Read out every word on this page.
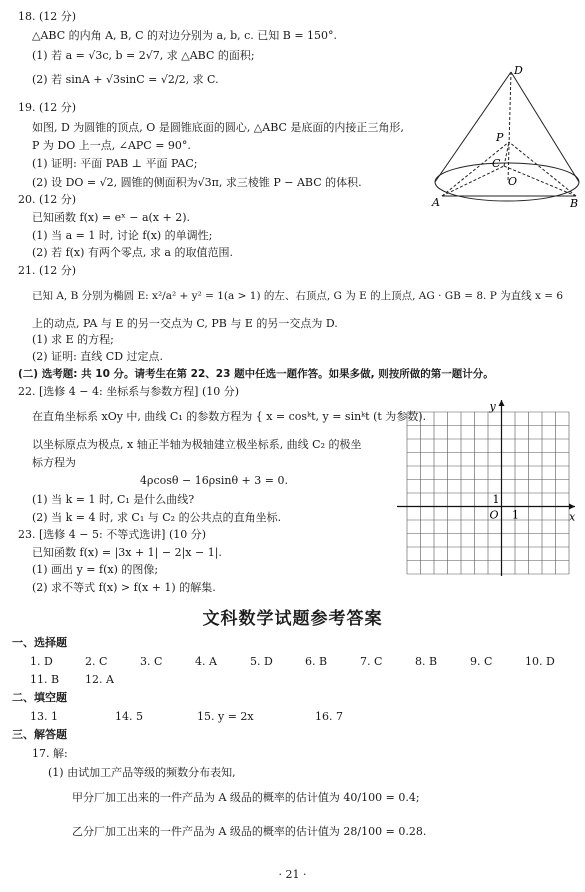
18. (12 分)
△ABC 的内角 A, B, C 的对边分别为 a, b, c. 已知 B = 150°.
(1) 若 a = √3c, b = 2√7, 求 △ABC 的面积;
(2) 若 sinA + √3sinC = √2/2, 求 C.
19. (12 分)
如图, D 为圆锥的顶点, O 是圆锥底面的圆心, △ABC 是底面的内接正三角形,
P 为 DO 上一点, ∠APC = 90°.
(1) 证明: 平面 PAB ⊥ 平面 PAC;
(2) 设 DO = √2, 圆锥的侧面积为√3π, 求三棱锥 P − ABC 的体积.
D
P
C
O
A	B
20. (12 分)
已知函数 f(x) = eˣ − a(x + 2).
(1) 当 a = 1 时, 讨论 f(x) 的单调性;
(2) 若 f(x) 有两个零点, 求 a 的取值范围.
21. (12 分)
已知 A, B 分别为椭圆 E: x²/a² + y² = 1(a > 1) 的左、右顶点, G 为 E 的上顶点, AG · GB = 8. P 为直线 x = 6
上的动点, PA 与 E 的另一交点为 C, PB 与 E 的另一交点为 D.
(1) 求 E 的方程;
(2) 证明: 直线 CD 过定点.
(二) 选考题: 共 10 分。请考生在第 22、23 题中任选一题作答。如果多做, 则按所做的第一题计分。
22. [选修 4 − 4: 坐标系与参数方程] (10 分)
在直角坐标系 xOy 中, 曲线 C₁ 的参数方程为 { x = cosᵏt, y = sinᵏt (t 为参数).
以坐标原点为极点, x 轴正半轴为极轴建立极坐标系, 曲线 C₂ 的极坐
标方程为
4ρcosθ − 16ρsinθ + 3 = 0.
(1) 当 k = 1 时, C₁ 是什么曲线?
(2) 当 k = 4 时, 求 C₁ 与 C₂ 的公共点的直角坐标.
y
x
O 1
1
23. [选修 4 − 5: 不等式选讲] (10 分)
已知函数 f(x) = |3x + 1| − 2|x − 1|.
(1) 画出 y = f(x) 的图像;
(2) 求不等式 f(x) > f(x + 1) 的解集.
文科数学试题参考答案
一、选择题
1. D	2. C	3. C	4. A	5. D	6. B	7. C	8. B	9. C	10. D
11. B	12. A
二、填空题
13. 1	14. 5	15. y = 2x	16. 7
三、解答题
17. 解:
(1) 由试加工产品等级的频数分布表知,
甲分厂加工出来的一件产品为 A 级品的概率的估计值为 40/100 = 0.4;
乙分厂加工出来的一件产品为 A 级品的概率的估计值为 28/100 = 0.28.
· 21 ·
